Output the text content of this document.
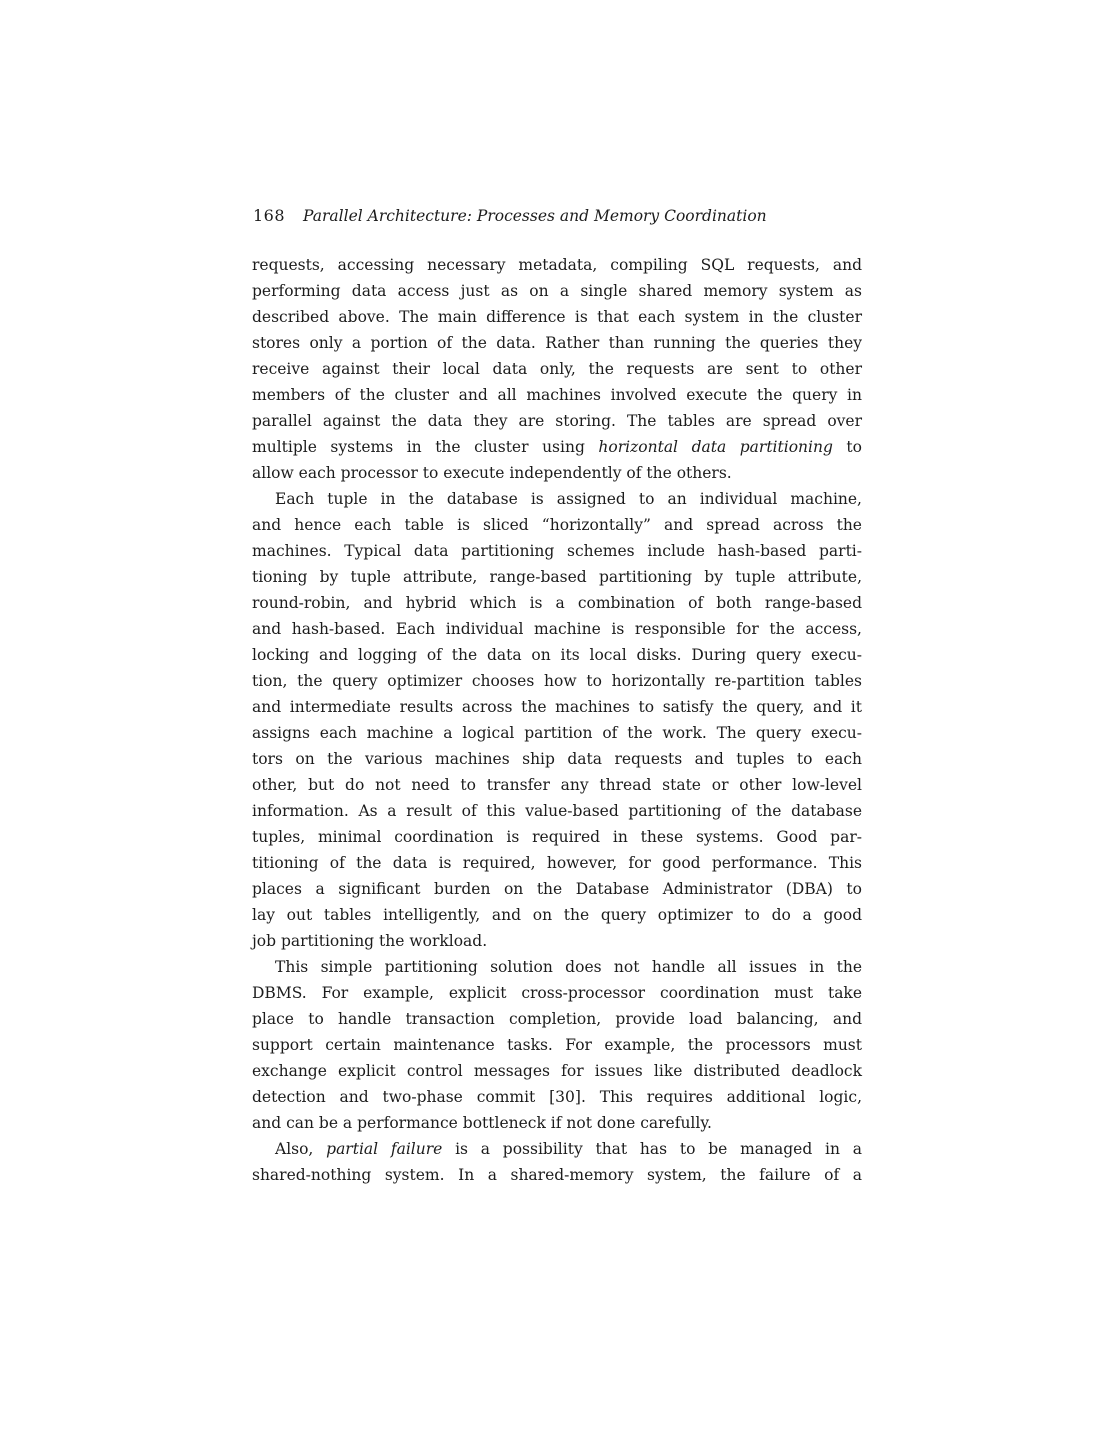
168 Parallel Architecture: Processes and Memory Coordination
requests, accessing necessary metadata, compiling SQL requests, and
performing data access just as on a single shared memory system as
described above. The main difference is that each system in the cluster
stores only a portion of the data. Rather than running the queries they
receive against their local data only, the requests are sent to other
members of the cluster and all machines involved execute the query in
parallel against the data they are storing. The tables are spread over
multiple systems in the cluster using horizontal data partitioning to
allow each processor to execute independently of the others.
Each tuple in the database is assigned to an individual machine,
and hence each table is sliced “horizontally” and spread across the
machines. Typical data partitioning schemes include hash-based parti-
tioning by tuple attribute, range-based partitioning by tuple attribute,
round-robin, and hybrid which is a combination of both range-based
and hash-based. Each individual machine is responsible for the access,
locking and logging of the data on its local disks. During query execu-
tion, the query optimizer chooses how to horizontally re-partition tables
and intermediate results across the machines to satisfy the query, and it
assigns each machine a logical partition of the work. The query execu-
tors on the various machines ship data requests and tuples to each
other, but do not need to transfer any thread state or other low-level
information. As a result of this value-based partitioning of the database
tuples, minimal coordination is required in these systems. Good par-
titioning of the data is required, however, for good performance. This
places a significant burden on the Database Administrator (DBA) to
lay out tables intelligently, and on the query optimizer to do a good
job partitioning the workload.
This simple partitioning solution does not handle all issues in the
DBMS. For example, explicit cross-processor coordination must take
place to handle transaction completion, provide load balancing, and
support certain maintenance tasks. For example, the processors must
exchange explicit control messages for issues like distributed deadlock
detection and two-phase commit [30]. This requires additional logic,
and can be a performance bottleneck if not done carefully.
Also, partial failure is a possibility that has to be managed in a
shared-nothing system. In a shared-memory system, the failure of a
